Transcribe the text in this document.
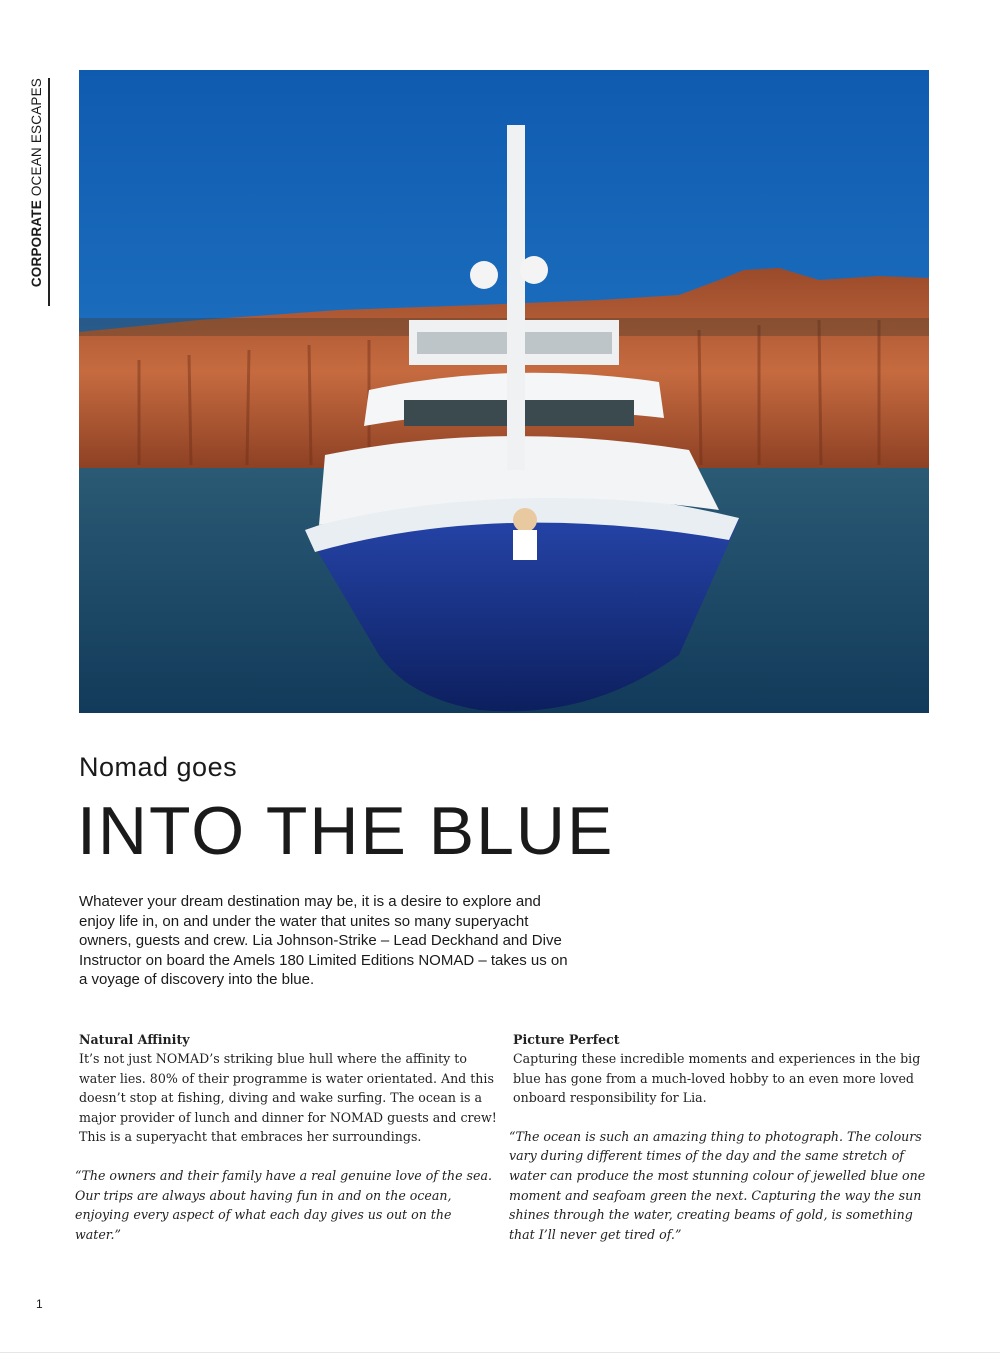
CORPORATE OCEAN ESCAPES
Nomad goes
INTO THE BLUE
Whatever your dream destination may be, it is a desire to explore and enjoy life in, on and under the water that unites so many superyacht owners, guests and crew. Lia Johnson-Strike – Lead Deckhand and Dive Instructor on board the Amels 180 Limited Editions NOMAD – takes us on a voyage of discovery into the blue.
Natural Affinity

It’s not just NOMAD’s striking blue hull where the affinity to water lies. 80% of their programme is water orientated. And this doesn’t stop at fishing, diving and wake surfing. The ocean is a major provider of lunch and dinner for NOMAD guests and crew! This is a superyacht that embraces her surroundings.

“The owners and their family have a real genuine love of the sea. Our trips are always about having fun in and on the ocean, enjoying every aspect of what each day gives us out on the water.”

Picture Perfect

Capturing these incredible moments and experiences in the big blue has gone from a much-loved hobby to an even more loved onboard responsibility for Lia.

“The ocean is such an amazing thing to photograph. The colours vary during different times of the day and the same stretch of water can produce the most stunning colour of jewelled blue one moment and seafoam green the next. Capturing the way the sun shines through the water, creating beams of gold, is something that I’ll never get tired of.”

1
